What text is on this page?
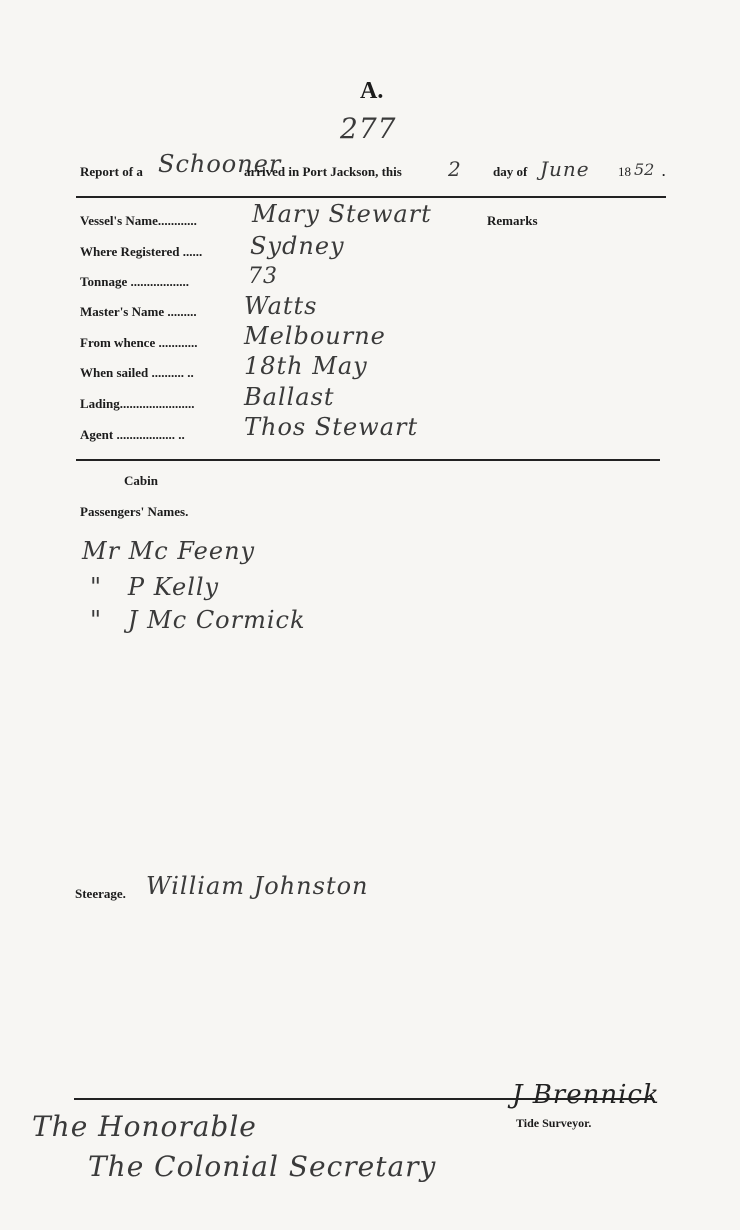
A.
277
Report of a Schooner
arrived in Port Jackson, this 2 day of June 18 52 .
Vessel's Name............ Mary Stewart
Where Registered ...... Sydney
Tonnage ..................	73
Master's Name ......... Watts
From whence ............ Melbourne
When sailed .......... .. 18th May
Lading....................... Ballast
Agent .................. .. Thos Stewart
Remarks
Cabin
Passengers' Names.
Mr Mc Feeny
"   P Kelly
"   J Mc Cormick
Steerage. William Johnston
J Brennick
Tide Surveyor.
The Honorable
The Colonial Secretary
